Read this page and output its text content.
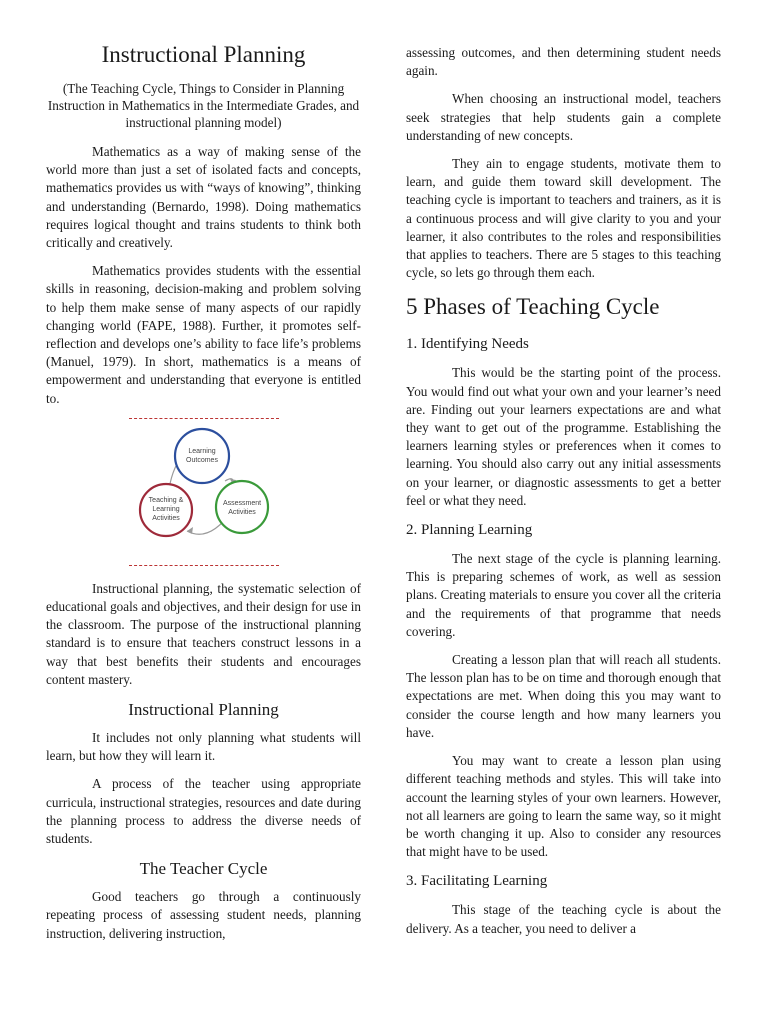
Instructional Planning

(The Teaching Cycle, Things to Consider in Planning Instruction in Mathematics in the Intermediate Grades, and instructional planning model)

Mathematics as a way of making sense of the world more than just a set of isolated facts and concepts, mathematics provides us with “ways of knowing”, thinking and understanding (Bernardo, 1998). Doing mathematics requires logical thought and trains students to think both critically and creatively.

Mathematics provides students with the essential skills in reasoning, decision-making and problem solving to help them make sense of many aspects of our rapidly changing world (FAPE, 1988). Further, it promotes self-reflection and develops one’s ability to face life’s problems (Manuel, 1979). In short, mathematics is a means of empowerment and understanding that everyone is entitled to.

Learning
Outcomes
Assessment
Activities
Teaching &
Learning
Activities

Instructional planning, the systematic selection of educational goals and objectives, and their design for use in the classroom. The purpose of the instructional planning standard is to ensure that teachers construct lessons in a way that best benefits their students and encourages content mastery.

Instructional Planning

It includes not only planning what students will learn, but how they will learn it.

A process of the teacher using appropriate curricula, instructional strategies, resources and date during the planning process to address the diverse needs of students.

The Teacher Cycle

Good teachers go through a continuously repeating process of assessing student needs, planning instruction, delivering instruction,

assessing outcomes, and then determining student needs again.

When choosing an instructional model, teachers seek strategies that help students gain a complete understanding of new concepts.

They ain to engage students, motivate them to learn, and guide them toward skill development. The teaching cycle is important to teachers and trainers, as it is a continuous process and will give clarity to you and your learner, it also contributes to the roles and responsibilities that applies to teachers. There are 5 stages to this teaching cycle, so lets go through them each.

5 Phases of Teaching Cycle
1. Identifying Needs

This would be the starting point of the process. You would find out what your own and your learner’s need are. Finding out your learners expectations are and what they want to get out of the programme. Establishing the learners learning styles or preferences when it comes to learning. You should also carry out any initial assessments on your learner, or diagnostic assessments to get a better feel or what they need.

2. Planning Learning

The next stage of the cycle is planning learning. This is preparing schemes of work, as well as session plans. Creating materials to ensure you cover all the criteria and the requirements of that programme that needs covering.

Creating a lesson plan that will reach all students. The lesson plan has to be on time and thorough enough that expectations are met. When doing this you may want to consider the course length and how many learners you have.

You may want to create a lesson plan using different teaching methods and styles. This will take into account the learning styles of your own learners. However, not all learners are going to learn the same way, so it might be worth changing it up. Also to consider any resources that might have to be used.

3. Facilitating Learning

This stage of the teaching cycle is about the delivery. As a teacher, you need to deliver a
